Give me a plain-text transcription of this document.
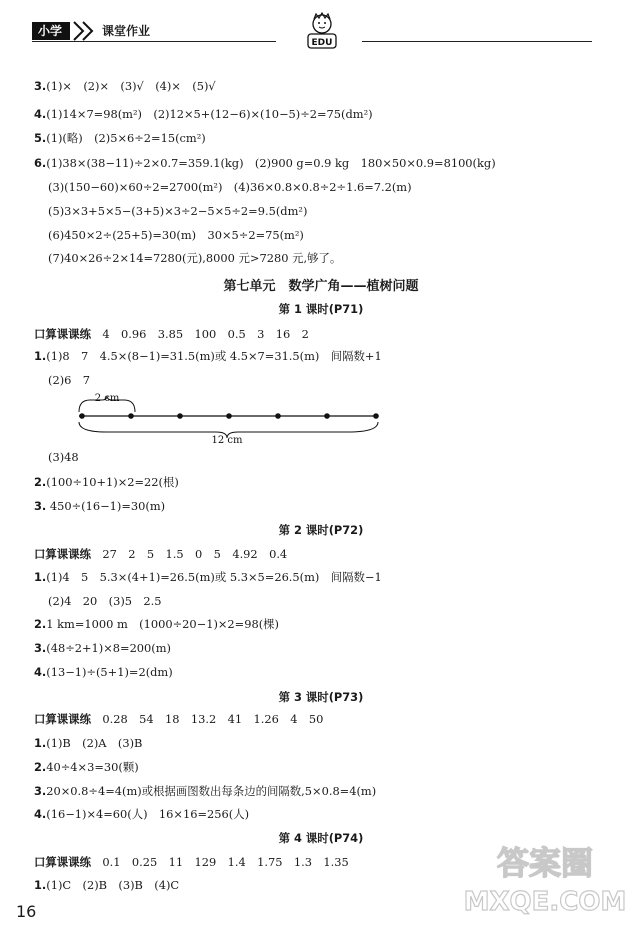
小学	课堂作业
EDU
3.(1)×　(2)×　(3)√　(4)×　(5)√
4.(1)14×7=98(m²)　(2)12×5+(12−6)×(10−5)÷2=75(dm²)
5.(1)(略)　(2)5×6÷2=15(cm²)
6.(1)38×(38−11)÷2×0.7=359.1(kg)　(2)900 g=0.9 kg　180×50×0.9=8100(kg)
(3)(150−60)×60÷2=2700(m²)　(4)36×0.8×0.8÷2÷1.6=7.2(m)
(5)3×3+5×5−(3+5)×3÷2−5×5÷2=9.5(dm²)
(6)450×2÷(25+5)=30(m)　30×5÷2=75(m²)
(7)40×26÷2×14=7280(元),8000 元>7280 元,够了。
第七单元　数学广角——植树问题
第 1 课时(P71)
口算课课练　 4　0.96　3.85　100　0.5　3　16　2
1.(1)8　7　4.5×(8−1)=31.5(m)或 4.5×7=31.5(m)　间隔数+1
(2)6　7
2 cm
12 cm
(3)48
2.(100÷10+1)×2=22(根)
3. 450÷(16−1)=30(m)
第 2 课时(P72)
口算课课练　 27　2　5　1.5　0　5　4.92　0.4
1.(1)4　5　5.3×(4+1)=26.5(m)或 5.3×5=26.5(m)　间隔数−1
(2)4　20　(3)5　2.5
2.1 km=1000 m　(1000÷20−1)×2=98(棵)
3.(48÷2+1)×8=200(m)
4.(13−1)÷(5+1)=2(dm)
第 3 课时(P73)
口算课课练　 0.28　54　18　13.2　41　1.26　4　50
1.(1)B　(2)A　(3)B
2.40÷4×3=30(颗)
3.20×0.8÷4=4(m)或根据画图数出每条边的间隔数,5×0.8=4(m)
4.(16−1)×4=60(人)　16×16=256(人)
第 4 课时(P74)
口算课课练　 0.1　0.25　11　129　1.4　1.75　1.3　1.35
1.(1)C　(2)B　(3)B　(4)C
16
答案圈
MXQE.COM
